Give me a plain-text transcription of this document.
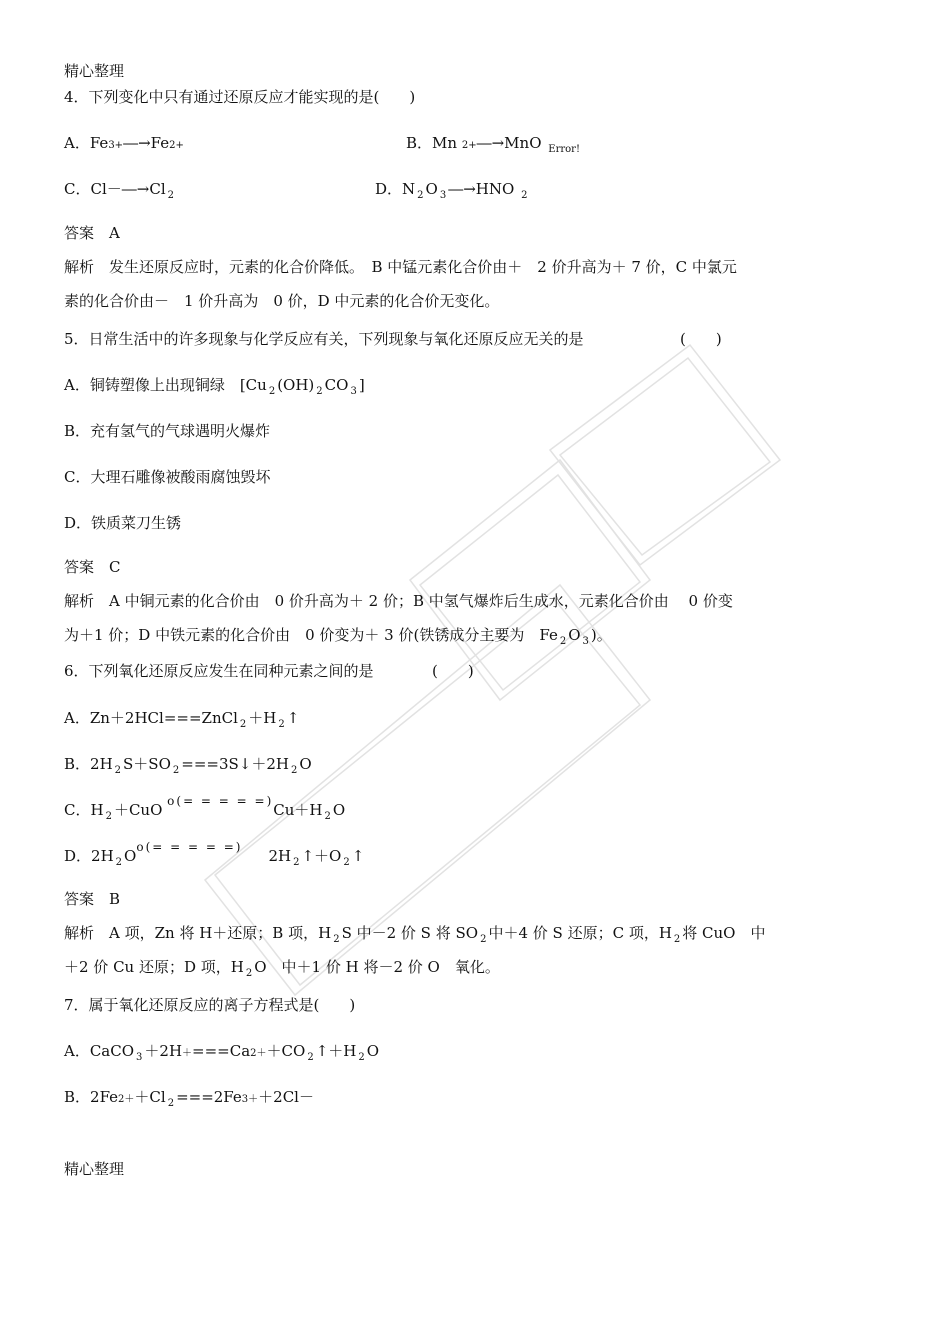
精心整理
4．下列变化中只有通过还原反应才能实现的是(　　)
A．Fe3+―→Fe2+	B．Mn 2+―→MnO $_{Error!}$
C．Cl－―→Cl $_2$	D．N $_2$ O $_3$ ―→HNO $_2$
答案　A
解析　发生还原反应时，元素的化合价降低。　B 中锰元素化合价由＋　2 价升高为＋ 7 价，C 中氯元
素的化合价由－　1 价升高为　0 价，D 中元素的化合价无变化。
5．日常生活中的许多现象与化学反应有关，下列现象与氧化还原反应无关的是	(　　)
A．铜铸塑像上出现铜绿　[Cu $_2$ (OH) $_2$ CO $_3$ ]
B．充有氢气的气球遇明火爆炸
C．大理石雕像被酸雨腐蚀毁坏
D．铁质菜刀生锈
答案　C
解析　A 中铜元素的化合价由　0 价升高为＋ 2 价；B 中氢气爆炸后生成水，元素化合价由　 0 价变
为＋1 价；D 中铁元素的化合价由　0 价变为＋ 3 价(铁锈成分主要为　Fe $_2$ O $_3$ )。
6．下列氧化还原反应发生在同种元素之间的是	(　　)
A．Zn＋2HCl===ZnCl $_2$ ＋H $_2$ ↑
B．2H $_2$ S＋SO $_2$ ===3S↓＋2H $_2$ O
C．H $_2$ ＋CuO $^{o(= = = = =)}$Cu＋H $_2$ O
D．2H $_2$ $O^{o(= = = = =)}$ 2H $_2$ ↑＋O $_2$ ↑
答案　B
解析　A 项，Zn 将 H＋还原；B 项，H $_2$ S 中－2 价 S 将 SO $_2$ 中＋4 价 S 还原；C 项，H $_2$ 将 CuO　中
＋2 价 Cu 还原；D 项，H $_2$ O　中＋1 价 H 将－2 价 O　氧化。
7．属于氧化还原反应的离子方程式是(　　)
A．CaCO $_3$ ＋2H＋===Ca2＋＋CO $_2$ ↑＋H $_2$ O
B．2Fe2＋＋Cl $_2$ ===2Fe3＋＋2Cl－
精心整理
